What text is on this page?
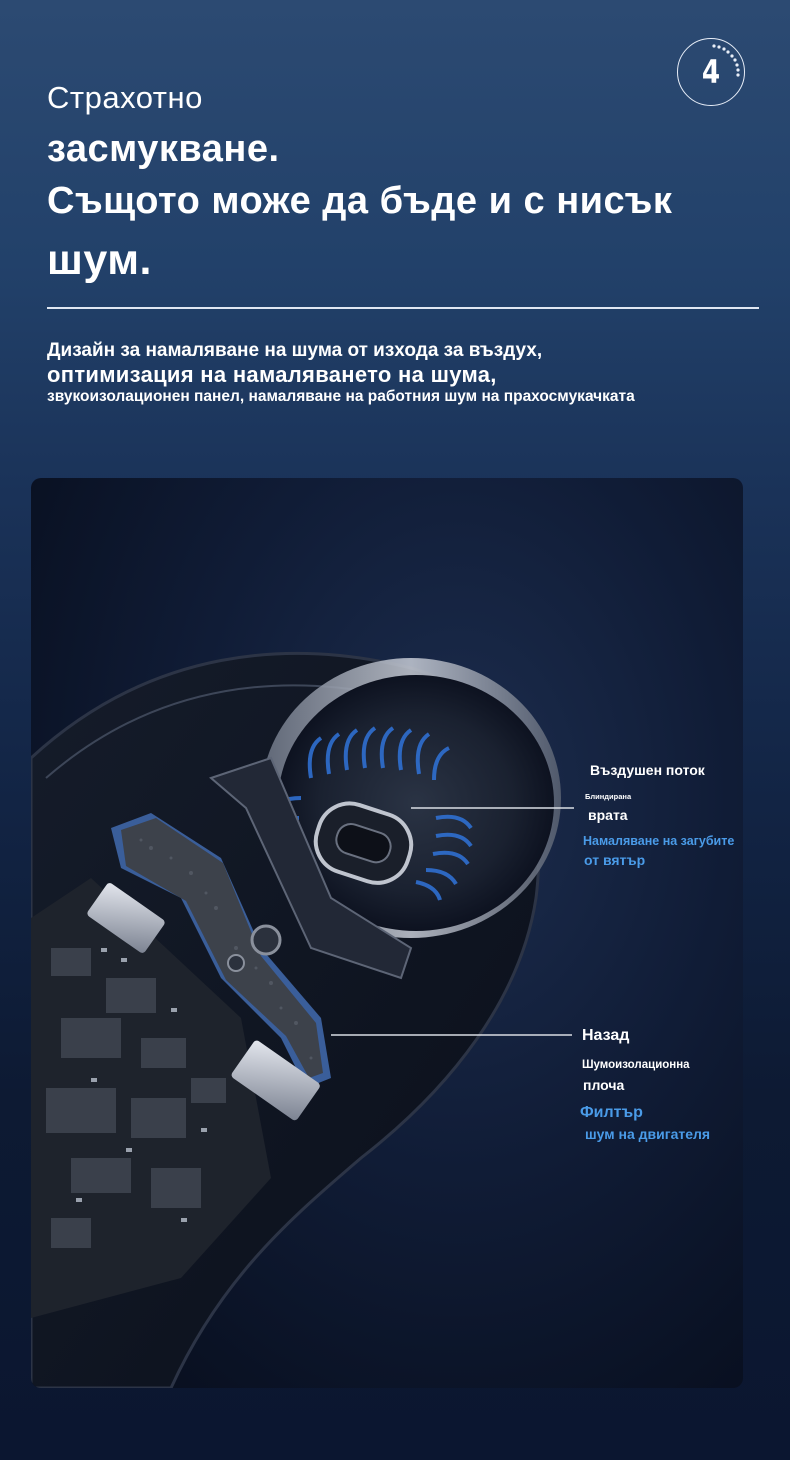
4
Страхотно
засмукване.
Същото може да бъде и с нисък
шум.
Дизайн за намаляване на шума от изхода за въздух,
оптимизация на намаляването на шума,
звукоизолационен панел, намаляване на работния шум на прахосмукачката
Въздушен поток
Блиндирана
врата
Намаляване на загубите
от вятър
Назад
Шумоизолационна
плоча
Филтър
шум на двигателя
